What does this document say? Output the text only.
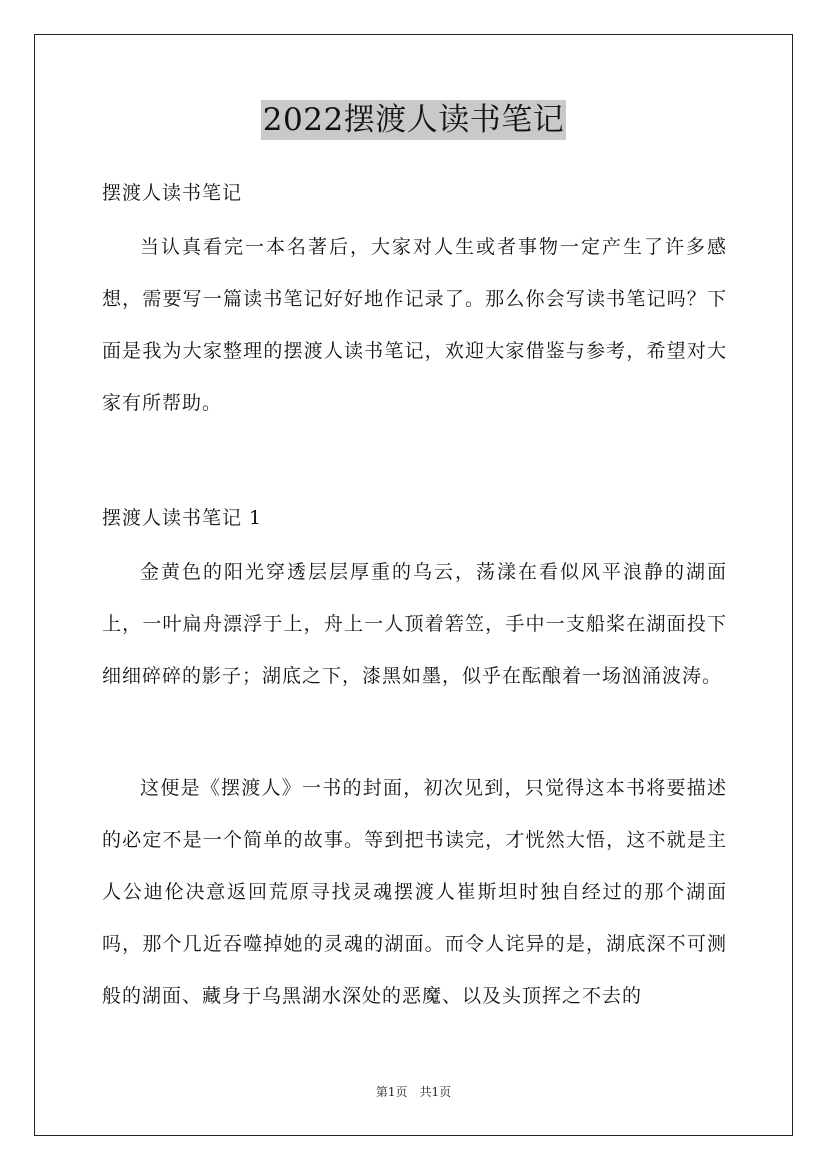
2022摆渡人读书笔记

摆渡人读书笔记

当认真看完一本名著后，大家对人生或者事物一定产生了许多感想，需要写一篇读书笔记好好地作记录了。那么你会写读书笔记吗？下面是我为大家整理的摆渡人读书笔记，欢迎大家借鉴与参考，希望对大家有所帮助。

摆渡人读书笔记 1

金黄色的阳光穿透层层厚重的乌云，荡漾在看似风平浪静的湖面上，一叶扁舟漂浮于上，舟上一人顶着箬笠，手中一支船桨在湖面投下细细碎碎的影子；湖底之下，漆黑如墨，似乎在酝酿着一场汹涌波涛。

这便是《摆渡人》一书的封面，初次见到，只觉得这本书将要描述的必定不是一个简单的故事。等到把书读完，才恍然大悟，这不就是主人公迪伦决意返回荒原寻找灵魂摆渡人崔斯坦时独自经过的那个湖面吗，那个几近吞噬掉她的灵魂的湖面。而令人诧异的是，湖底深不可测般的湖面、藏身于乌黑湖水深处的恶魔、以及头顶挥之不去的

第1页　共1页
